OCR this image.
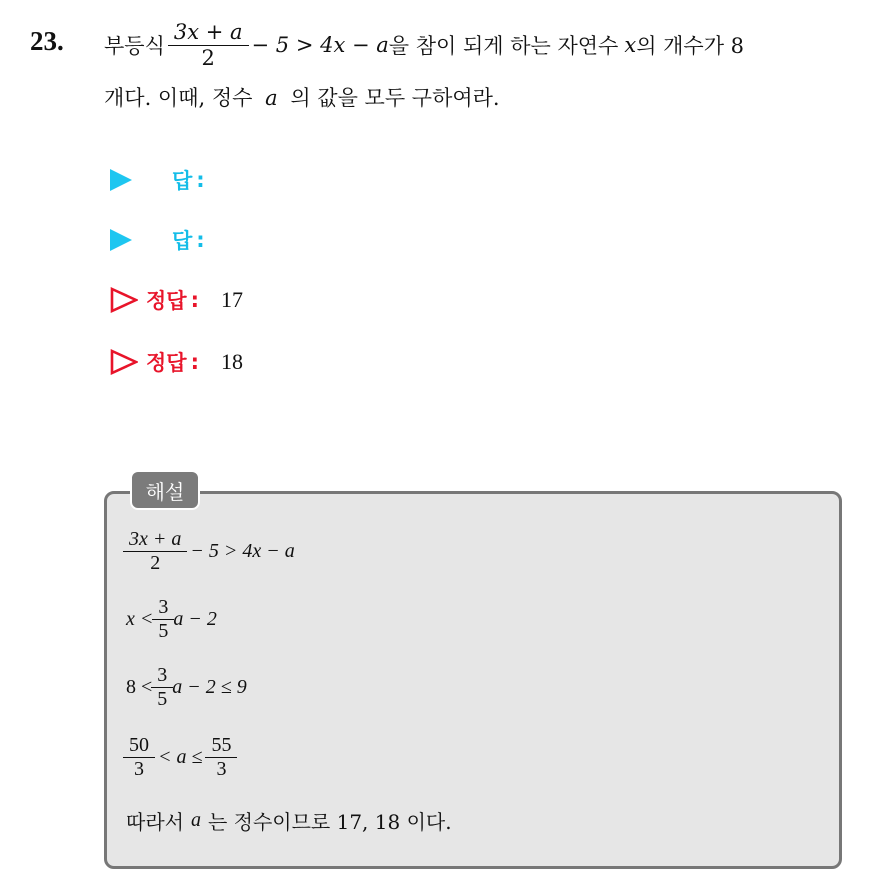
23. 부등식 $\frac{3x + a}{2} - 5 > 4x - a$ 을 참이 되게 하는 자연수 x 의 개수가 8
개다. 이때, 정수 a 의 값을 모두 구하여라.
답 :
답 :
정답 : 17
정답 : 18
해설
$\frac{3x + a}{2} - 5 > 4x - a$
$x < \frac{3}{5}$ a − 2
$8 < \frac{3}{5}$ a − 2 ≤ 9
$\frac{50}{3} < a \le \frac{55}{3}$
따라서 a 는 정수이므로 17, 18 이다.
